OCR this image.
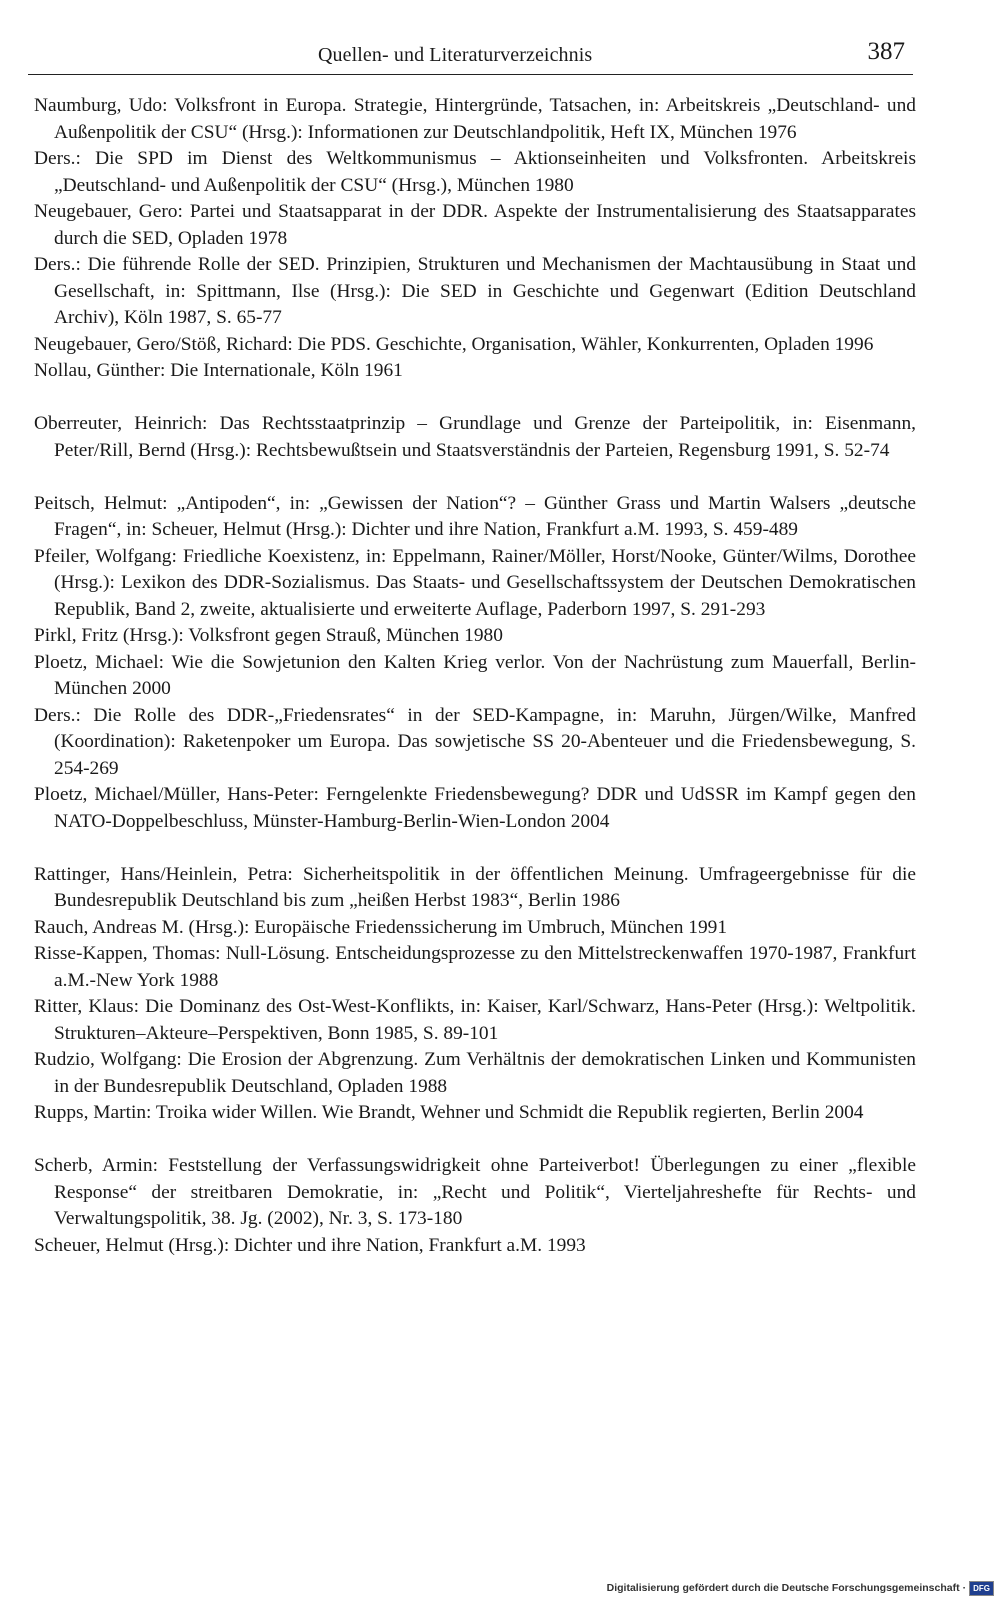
Quellen- und Literaturverzeichnis	387

Naumburg, Udo: Volksfront in Europa. Strategie, Hintergründe, Tatsachen, in: Arbeitskreis „Deutschland- und Außenpolitik der CSU“ (Hrsg.): Informationen zur Deutschlandpolitik, Heft IX, München 1976

Ders.: Die SPD im Dienst des Weltkommunismus – Aktionseinheiten und Volksfronten. Arbeitskreis „Deutschland- und Außenpolitik der CSU“ (Hrsg.), München 1980

Neugebauer, Gero: Partei und Staatsapparat in der DDR. Aspekte der Instrumentalisierung des Staatsapparates durch die SED, Opladen 1978

Ders.: Die führende Rolle der SED. Prinzipien, Strukturen und Mechanismen der Machtausübung in Staat und Gesellschaft, in: Spittmann, Ilse (Hrsg.): Die SED in Geschichte und Gegenwart (Edition Deutschland Archiv), Köln 1987, S. 65-77

Neugebauer, Gero/Stöß, Richard: Die PDS. Geschichte, Organisation, Wähler, Konkurrenten, Opladen 1996

Nollau, Günther: Die Internationale, Köln 1961

Oberreuter, Heinrich: Das Rechtsstaatprinzip – Grundlage und Grenze der Parteipolitik, in: Eisenmann, Peter/Rill, Bernd (Hrsg.): Rechtsbewußtsein und Staatsverständnis der Parteien, Regensburg 1991, S. 52-74

Peitsch, Helmut: „Antipoden“, in: „Gewissen der Nation“? – Günther Grass und Martin Walsers „deutsche Fragen“, in: Scheuer, Helmut (Hrsg.): Dichter und ihre Nation, Frankfurt a.M. 1993, S. 459-489

Pfeiler, Wolfgang: Friedliche Koexistenz, in: Eppelmann, Rainer/Möller, Horst/Nooke, Günter/Wilms, Dorothee (Hrsg.): Lexikon des DDR-Sozialismus. Das Staats- und Gesellschaftssystem der Deutschen Demokratischen Republik, Band 2, zweite, aktualisierte und erweiterte Auflage, Paderborn 1997, S. 291-293

Pirkl, Fritz (Hrsg.): Volksfront gegen Strauß, München 1980

Ploetz, Michael: Wie die Sowjetunion den Kalten Krieg verlor. Von der Nachrüstung zum Mauerfall, Berlin-München 2000

Ders.: Die Rolle des DDR-„Friedensrates“ in der SED-Kampagne, in: Maruhn, Jürgen/Wilke, Manfred (Koordination): Raketenpoker um Europa. Das sowjetische SS 20-Abenteuer und die Friedensbewegung, S. 254-269

Ploetz, Michael/Müller, Hans-Peter: Ferngelenkte Friedensbewegung? DDR und UdSSR im Kampf gegen den NATO-Doppelbeschluss, Münster-Hamburg-Berlin-Wien-London 2004

Rattinger, Hans/Heinlein, Petra: Sicherheitspolitik in der öffentlichen Meinung. Umfrageergebnisse für die Bundesrepublik Deutschland bis zum „heißen Herbst 1983“, Berlin 1986

Rauch, Andreas M. (Hrsg.): Europäische Friedenssicherung im Umbruch, München 1991

Risse-Kappen, Thomas: Null-Lösung. Entscheidungsprozesse zu den Mittelstreckenwaffen 1970-1987, Frankfurt a.M.-New York 1988

Ritter, Klaus: Die Dominanz des Ost-West-Konflikts, in: Kaiser, Karl/Schwarz, Hans-Peter (Hrsg.): Weltpolitik. Strukturen–Akteure–Perspektiven, Bonn 1985, S. 89-101

Rudzio, Wolfgang: Die Erosion der Abgrenzung. Zum Verhältnis der demokratischen Linken und Kommunisten in der Bundesrepublik Deutschland, Opladen 1988

Rupps, Martin: Troika wider Willen. Wie Brandt, Wehner und Schmidt die Republik regierten, Berlin 2004

Scherb, Armin: Feststellung der Verfassungswidrigkeit ohne Parteiverbot! Überlegungen zu einer „flexible Response“ der streitbaren Demokratie, in: „Recht und Politik“, Vierteljahreshefte für Rechts- und Verwaltungspolitik, 38. Jg. (2002), Nr. 3, S. 173-180

Scheuer, Helmut (Hrsg.): Dichter und ihre Nation, Frankfurt a.M. 1993

Digitalisierung gefördert durch die Deutsche Forschungsgemeinschaft · DFG
